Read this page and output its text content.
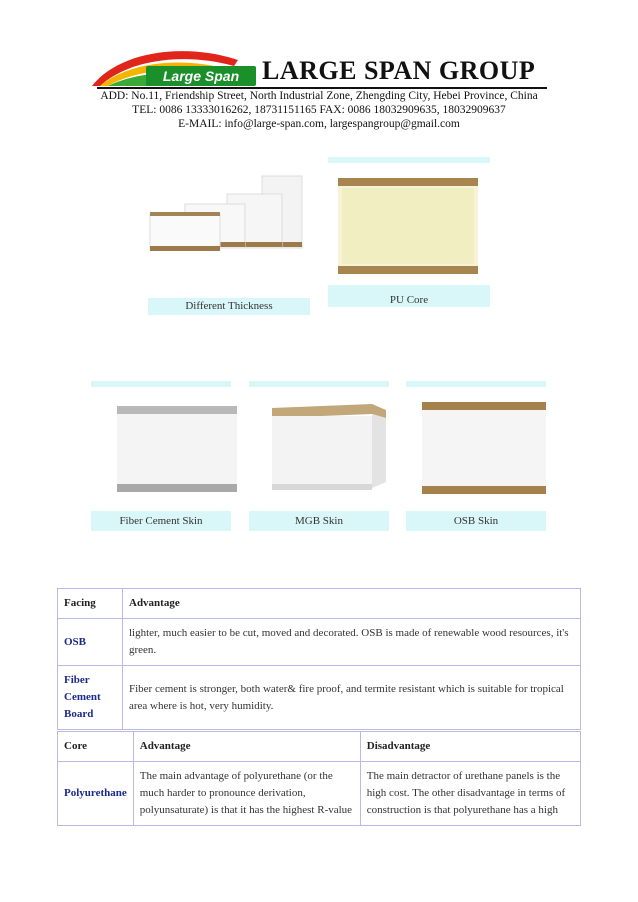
Large Span LARGE SPAN GROUP
ADD: No.11, Friendship Street, North Industrial Zone, Zhengding City, Hebei Province, China
TEL: 0086 13333016262, 18731151165 FAX: 0086 18032909635, 18032909637
E-MAIL: info@large-span.com, largespangroup@gmail.com
Different Thickness	PU Core
Fiber Cement Skin	MGB Skin	OSB Skin
Facing	Advantage
OSB	lighter, much easier to be cut, moved and decorated. OSB is made of renewable wood resources, it's green.
Fiber Cement Board	Fiber cement is stronger, both water& fire proof, and termite resistant which is suitable for tropical area where is hot, very humidity.
Core	Advantage	Disadvantage
Polyurethane	The main advantage of polyurethane (or the much harder to pronounce derivation, polyunsaturate) is that it has the highest R-value	The main detractor of urethane panels is the high cost. The other disadvantage in terms of construction is that polyurethane has a high
